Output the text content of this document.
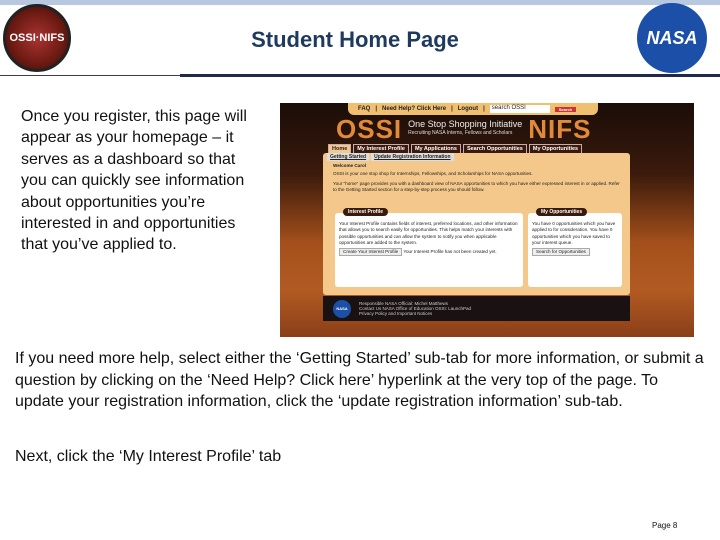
OSSI·NIFS	Student Home Page	NASA
Once you register, this page will appear as your homepage – it serves as a dashboard so that you can quickly see information about opportunities you’re interested in and opportunities that you’ve applied to.
FAQ | Need Help? Click Here | Logout |	search OSSI	Search
OSSI One Stop Shopping Initiative
Recruiting NASA Interns, Fellows and Scholars NIFS
Home	My Interest Profile	My Applications	Search Opportunities	My Opportunities
Getting Started	Update Registration Information
Welcome Carol
OSSI is your one stop shop for Internships, Fellowships, and Scholarships for NASA opportunities.
Your "home" page provides you with a dashboard view of NASA opportunities to which you have either expressed interest in or applied. Refer to the Getting Started section for a step-by-step process you should follow.
Interest Profile
Your Interest Profile contains fields of interest, preferred locations, and other information that allows you to search easily for opportunities. This helps match your interests with possible opportunities and can allow the system to notify you when applicable opportunities are added to the system.
Create Your Interest Profile Your Interest Profile has not been created yet.
My Opportunities
You have 0 opportunities which you have applied to for consideration. You have 0 opportunities which you have saved to your interest queue.
Search for Opportunities
NASA
Responsible NASA Official: Michel Matthews
Contact Us NASA Office of Education OSSI: LaunchPad
Privacy Policy and Important Notices
If you need more help, select either the ‘Getting Started’ sub-tab for more information, or submit a question by clicking on the ‘Need Help? Click here’ hyperlink at the very top of the page. To update your registration information, click the ‘update registration information’ sub-tab.
Next, click the ‘My Interest Profile’ tab
Page 8
